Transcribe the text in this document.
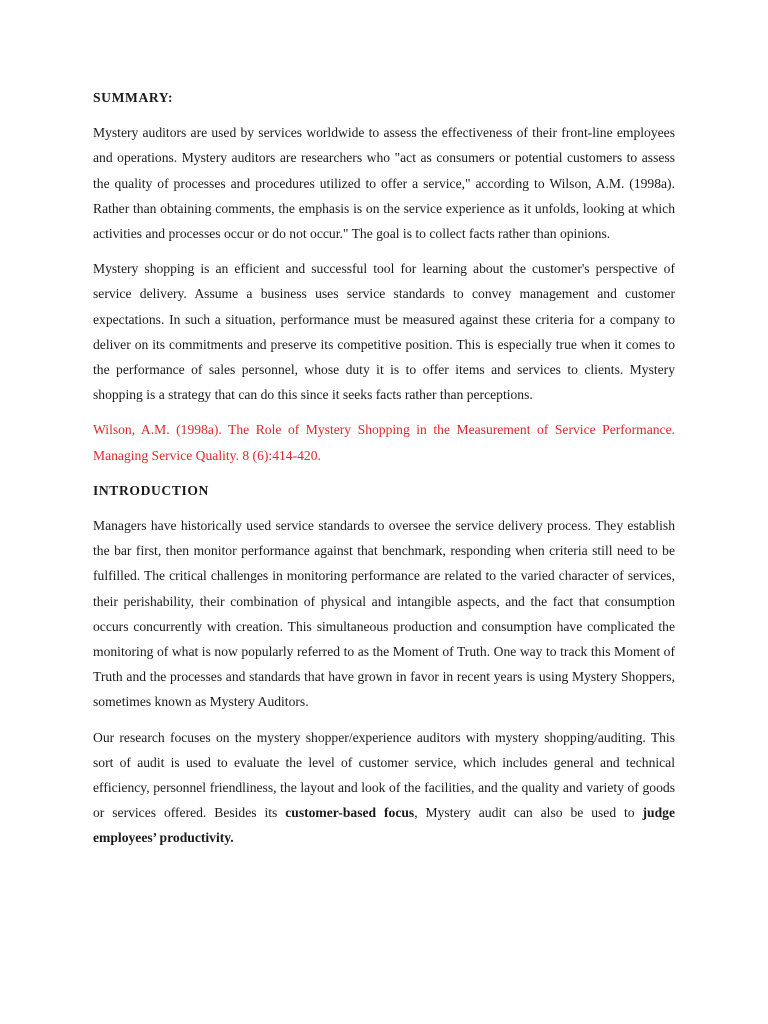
SUMMARY:

Mystery auditors are used by services worldwide to assess the effectiveness of their front-line employees and operations. Mystery auditors are researchers who "act as consumers or potential customers to assess the quality of processes and procedures utilized to offer a service," according to Wilson, A.M. (1998a). Rather than obtaining comments, the emphasis is on the service experience as it unfolds, looking at which activities and processes occur or do not occur." The goal is to collect facts rather than opinions.

Mystery shopping is an efficient and successful tool for learning about the customer's perspective of service delivery. Assume a business uses service standards to convey management and customer expectations. In such a situation, performance must be measured against these criteria for a company to deliver on its commitments and preserve its competitive position. This is especially true when it comes to the performance of sales personnel, whose duty it is to offer items and services to clients. Mystery shopping is a strategy that can do this since it seeks facts rather than perceptions.

Wilson, A.M. (1998a). The Role of Mystery Shopping in the Measurement of Service Performance. Managing Service Quality. 8 (6):414-420.

INTRODUCTION

Managers have historically used service standards to oversee the service delivery process. They establish the bar first, then monitor performance against that benchmark, responding when criteria still need to be fulfilled. The critical challenges in monitoring performance are related to the varied character of services, their perishability, their combination of physical and intangible aspects, and the fact that consumption occurs concurrently with creation. This simultaneous production and consumption have complicated the monitoring of what is now popularly referred to as the Moment of Truth. One way to track this Moment of Truth and the processes and standards that have grown in favor in recent years is using Mystery Shoppers, sometimes known as Mystery Auditors.

Our research focuses on the mystery shopper/experience auditors with mystery shopping/auditing. This sort of audit is used to evaluate the level of customer service, which includes general and technical efficiency, personnel friendliness, the layout and look of the facilities, and the quality and variety of goods or services offered. Besides its customer-based focus, Mystery audit can also be used to judge employees’ productivity.
